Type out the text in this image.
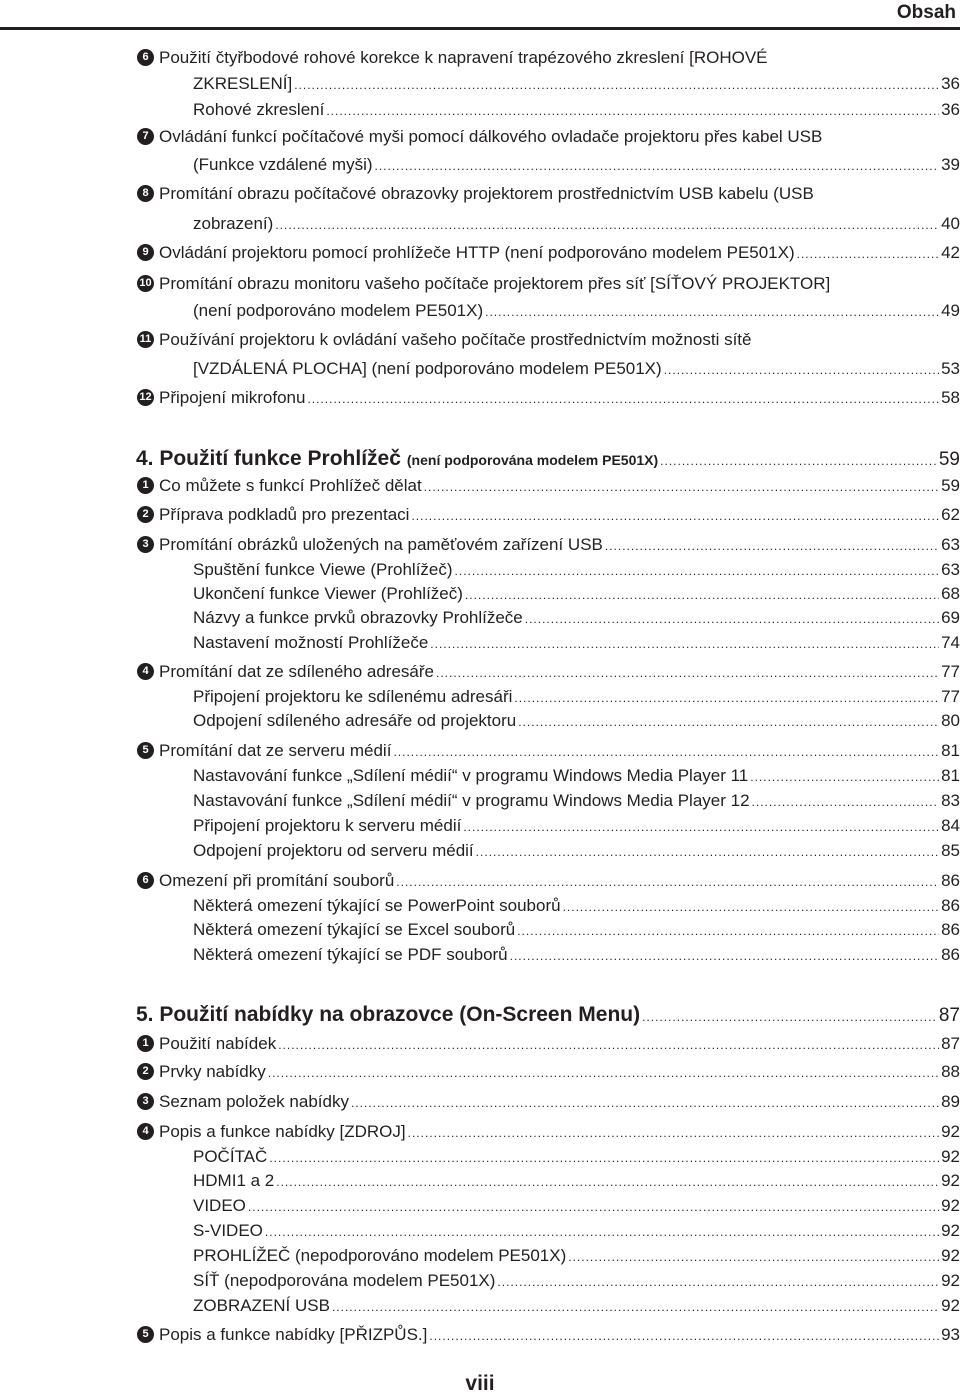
Obsah
6 Použití čtyřbodové rohové korekce k napravení trapézového zkreslení [ROHOVÉ
ZKRESLENÍ] .....	36
Rohové zkreslení .....	36
7 Ovládání funkcí počítačové myši pomocí dálkového ovladače projektoru přes kabel USB
(Funkce vzdálené myši) .....	39
8 Promítání obrazu počítačové obrazovky projektorem prostřednictvím USB kabelu (USB
zobrazení) .....	40
9 Ovládání projektoru pomocí prohlížeče HTTP (není podporováno modelem PE501X) .....	42
10 Promítání obrazu monitoru vašeho počítače projektorem přes síť [SÍŤOVÝ PROJEKTOR]
(není podporováno modelem PE501X) .....	49
11 Používání projektoru k ovládání vašeho počítače prostřednictvím možnosti sítě
[VZDÁLENÁ PLOCHA] (není podporováno modelem PE501X) .....	53
12 Připojení mikrofonu .....	58
4. Použití funkce Prohlížeč (není podporována modelem PE501X) .....	59
1 Co můžete s funkcí Prohlížeč dělat .....	59
2 Příprava podkladů pro prezentaci .....	62
3 Promítání obrázků uložených na paměťovém zařízení USB .....	63
Spuštění funkce Viewe (Prohlížeč) .....	63
Ukončení funkce Viewer (Prohlížeč) .....	68
Názvy a funkce prvků obrazovky Prohlížeče .....	69
Nastavení možností Prohlížeče .....	74
4 Promítání dat ze sdíleného adresáře .....	77
Připojení projektoru ke sdílenému adresáři .....	77
Odpojení sdíleného adresáře od projektoru .....	80
5 Promítání dat ze serveru médií .....	81
Nastavování funkce „Sdílení médií“ v programu Windows Media Player 11 .....	81
Nastavování funkce „Sdílení médií“ v programu Windows Media Player 12 .....	83
Připojení projektoru k serveru médií .....	84
Odpojení projektoru od serveru médií .....	85
6 Omezení při promítání souborů .....	86
Některá omezení týkající se PowerPoint souborů .....	86
Některá omezení týkající se Excel souborů .....	86
Některá omezení týkající se PDF souborů .....	86
5. Použití nabídky na obrazovce (On-Screen Menu) .....	87
1 Použití nabídek .....	87
2 Prvky nabídky .....	88
3 Seznam položek nabídky .....	89
4 Popis a funkce nabídky [ZDROJ] .....	92
POČÍTAČ .....	92
HDMI1 a 2 .....	92
VIDEO .....	92
S-VIDEO .....	92
PROHLÍŽEČ (nepodporováno modelem PE501X) .....	92
SÍŤ (nepodporována modelem PE501X) .....	92
ZOBRAZENÍ USB .....	92
5 Popis a funkce nabídky [PŘIZPŮS.] .....	93
viii
